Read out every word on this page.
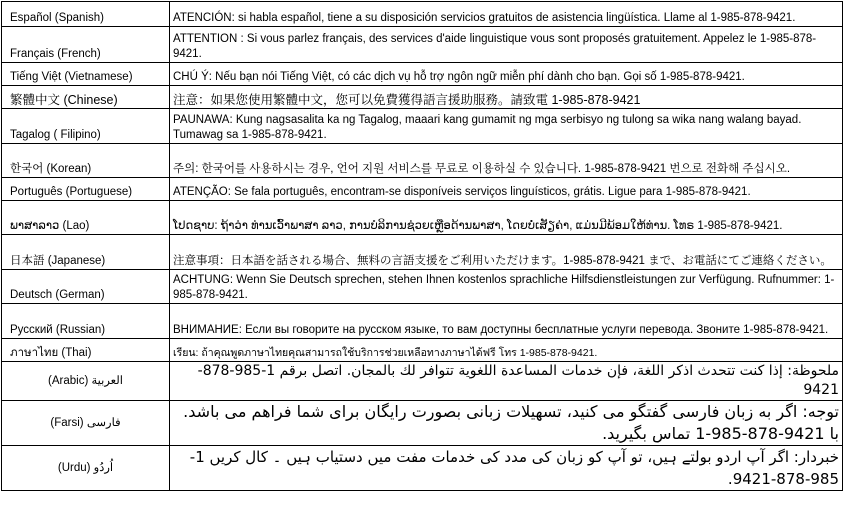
Español (Spanish)	ATENCIÓN: si habla español, tiene a su disposición servicios gratuitos de asistencia lingüística. Llame al 1-985-878-9421.
Français (French)	ATTENTION : Si vous parlez français, des services d'aide linguistique vous sont proposés gratuitement. Appelez le 1-985-878-9421.
Tiếng Việt (Vietnamese)	CHÚ Ý: Nếu bạn nói Tiếng Việt, có các dịch vụ hỗ trợ ngôn ngữ miễn phí dành cho bạn. Gọi số 1-985-878-9421.
繁體中文 (Chinese)	注意：如果您使用繁體中文，您可以免費獲得語言援助服務。請致電 1-985-878-9421
Tagalog ( Filipino)	PAUNAWA: Kung nagsasalita ka ng Tagalog, maaari kang gumamit ng mga serbisyo ng tulong sa wika nang walang bayad. Tumawag sa 1-985-878-9421.
한국어 (Korean)	주의: 한국어를 사용하시는 경우, 언어 지원 서비스를 무료로 이용하실 수 있습니다. 1-985-878-9421 번으로 전화해 주십시오.
Português (Portuguese)	ATENÇÃO: Se fala português, encontram-se disponíveis serviços linguísticos, grátis. Ligue para 1-985-878-9421.
ພາສາລາວ (Lao)	ໂປດຊາບ: ຖ້າວ່າ ທ່ານເວົ້າພາສາ ລາວ, ການບໍລິການຊ່ວຍເຫຼືອດ້ານພາສາ, ໂດຍບໍ່ເສັຽຄ່າ, ແມ່ນມີພ້ອມໃຫ້ທ່ານ. ໂທຣ 1-985-878-9421.
日本語 (Japanese)	注意事項：日本語を話される場合、無料の言語支援をご利用いただけます。1-985-878-9421 まで、お電話にてご連絡ください。
Deutsch (German)	ACHTUNG: Wenn Sie Deutsch sprechen, stehen Ihnen kostenlos sprachliche Hilfsdienstleistungen zur Verfügung. Rufnummer: 1-985-878-9421.
Русский (Russian)	ВНИМАНИЕ: Если вы говорите на русском языке, то вам доступны бесплатные услуги перевода. Звоните 1-985-878-9421.
ภาษาไทย (Thai)	เรียน: ถ้าคุณพูดภาษาไทยคุณสามารถใช้บริการช่วยเหลือทางภาษาได้ฟรี โทร 1-985-878-9421.
(Arabic) العربية	ملحوظة: إذا كنت تتحدث اذكر اللغة، فإن خدمات المساعدة اللغوية تتوافر لك بالمجان. اتصل برقم 1-985-878-9421
(Farsi) فارسی	توجه: اگر به زبان فارسی گفتگو می کنید، تسهیلات زبانی بصورت رایگان برای شما فراهم می باشد. با 9421-878-985-1 تماس بگیرید.
(Urdu) اُردُو	خبردار: اگر آپ اردو بولتے ہیں، تو آپ کو زبان کی مدد کی خدمات مفت میں دستیاب ہیں ۔ کال کریں 1-985-878-9421.
